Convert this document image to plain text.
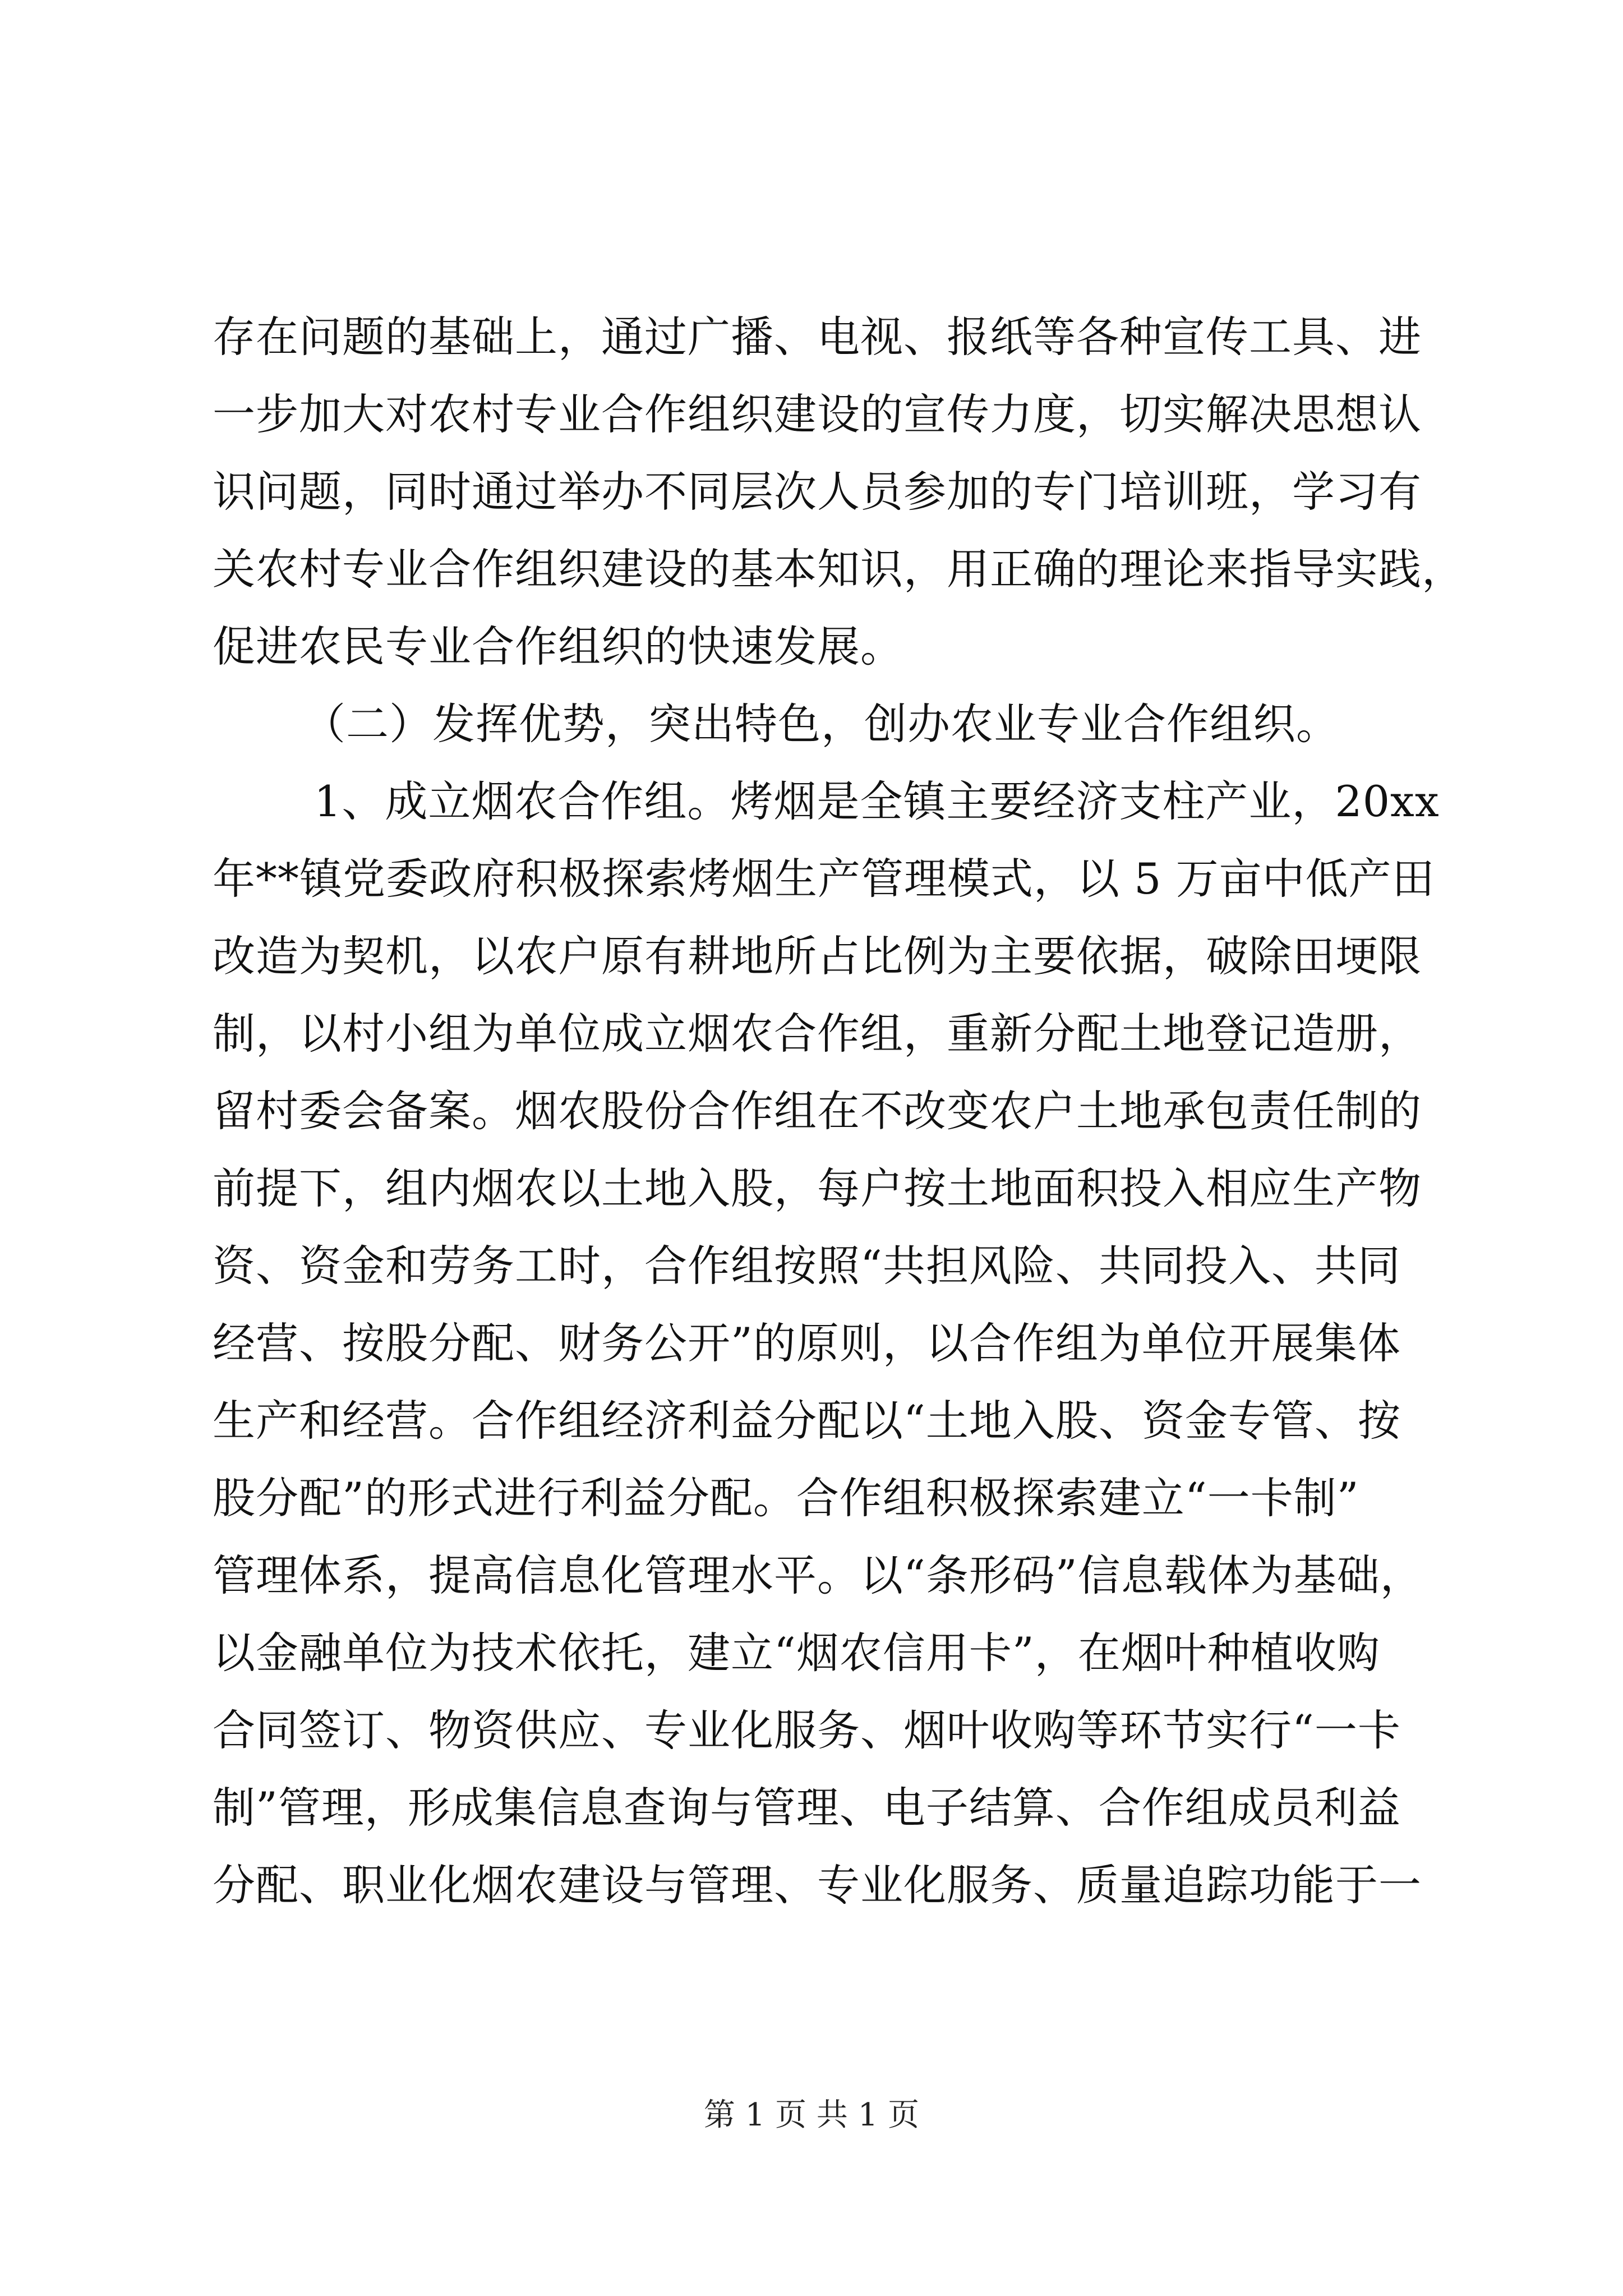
存在问题的基础上，通过广播、电视、报纸等各种宣传工具、进
一步加大对农村专业合作组织建设的宣传力度，切实解决思想认
识问题，同时通过举办不同层次人员参加的专门培训班，学习有
关农村专业合作组织建设的基本知识，用正确的理论来指导实践，
促进农民专业合作组织的快速发展。
（二）发挥优势，突出特色，创办农业专业合作组织。
1、成立烟农合作组。烤烟是全镇主要经济支柱产业，20xx
年**镇党委政府积极探索烤烟生产管理模式，以 5 万亩中低产田
改造为契机，以农户原有耕地所占比例为主要依据，破除田埂限
制，以村小组为单位成立烟农合作组，重新分配土地登记造册，
留村委会备案。烟农股份合作组在不改变农户土地承包责任制的
前提下，组内烟农以土地入股，每户按土地面积投入相应生产物
资、资金和劳务工时，合作组按照“共担风险、共同投入、共同
经营、按股分配、财务公开”的原则，以合作组为单位开展集体
生产和经营。合作组经济利益分配以“土地入股、资金专管、按
股分配”的形式进行利益分配。合作组积极探索建立“一卡制”
管理体系，提高信息化管理水平。以“条形码”信息载体为基础，
以金融单位为技术依托，建立“烟农信用卡”，在烟叶种植收购
合同签订、物资供应、专业化服务、烟叶收购等环节实行“一卡
制”管理，形成集信息查询与管理、电子结算、合作组成员利益
分配、职业化烟农建设与管理、专业化服务、质量追踪功能于一
第 1 页 共 1 页
